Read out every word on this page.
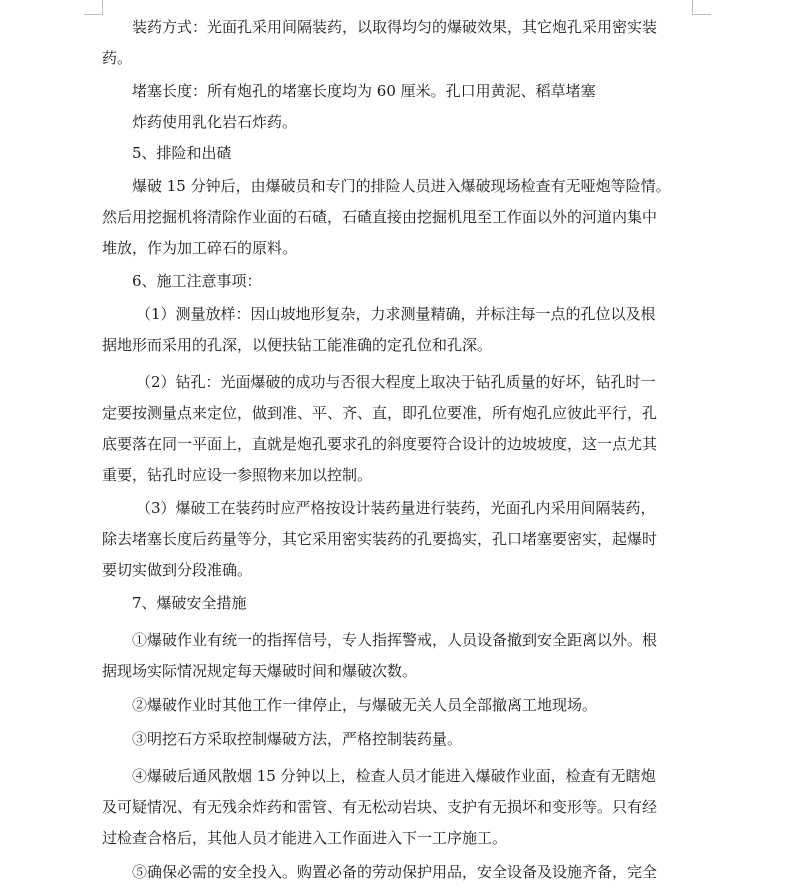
装药方式：光面孔采用间隔装药，以取得均匀的爆破效果，其它炮孔采用密实装
药。

堵塞长度：所有炮孔的堵塞长度均为 60 厘米。孔口用黄泥、稻草堵塞

炸药使用乳化岩石炸药。

5、排险和出碴

爆破 15 分钟后，由爆破员和专门的排险人员进入爆破现场检查有无哑炮等险情。
然后用挖掘机将清除作业面的石碴，石碴直接由挖掘机甩至工作面以外的河道内集中
堆放，作为加工碎石的原料。

6、施工注意事项：

（1）测量放样：因山坡地形复杂，力求测量精确，并标注每一点的孔位以及根
据地形而采用的孔深，以便扶钻工能准确的定孔位和孔深。

（2）钻孔：光面爆破的成功与否很大程度上取决于钻孔质量的好坏，钻孔时一
定要按测量点来定位，做到准、平、齐、直，即孔位要准，所有炮孔应彼此平行，孔
底要落在同一平面上，直就是炮孔要求孔的斜度要符合设计的边坡坡度，这一点尤其
重要，钻孔时应设一参照物来加以控制。

（3）爆破工在装药时应严格按设计装药量进行装药，光面孔内采用间隔装药，
除去堵塞长度后药量等分，其它采用密实装药的孔要捣实，孔口堵塞要密实，起爆时
要切实做到分段准确。

7、爆破安全措施

①爆破作业有统一的指挥信号，专人指挥警戒，人员设备撤到安全距离以外。根
据现场实际情况规定每天爆破时间和爆破次数。

②爆破作业时其他工作一律停止，与爆破无关人员全部撤离工地现场。

③明挖石方采取控制爆破方法，严格控制装药量。

④爆破后通风散烟 15 分钟以上，检查人员才能进入爆破作业面，检查有无瞎炮
及可疑情况、有无残余炸药和雷管、有无松动岩块、支护有无损坏和变形等。只有经
过检查合格后，其他人员才能进入工作面进入下一工序施工。

⑤确保必需的安全投入。购置必备的劳动保护用品，安全设备及设施齐备，完全
